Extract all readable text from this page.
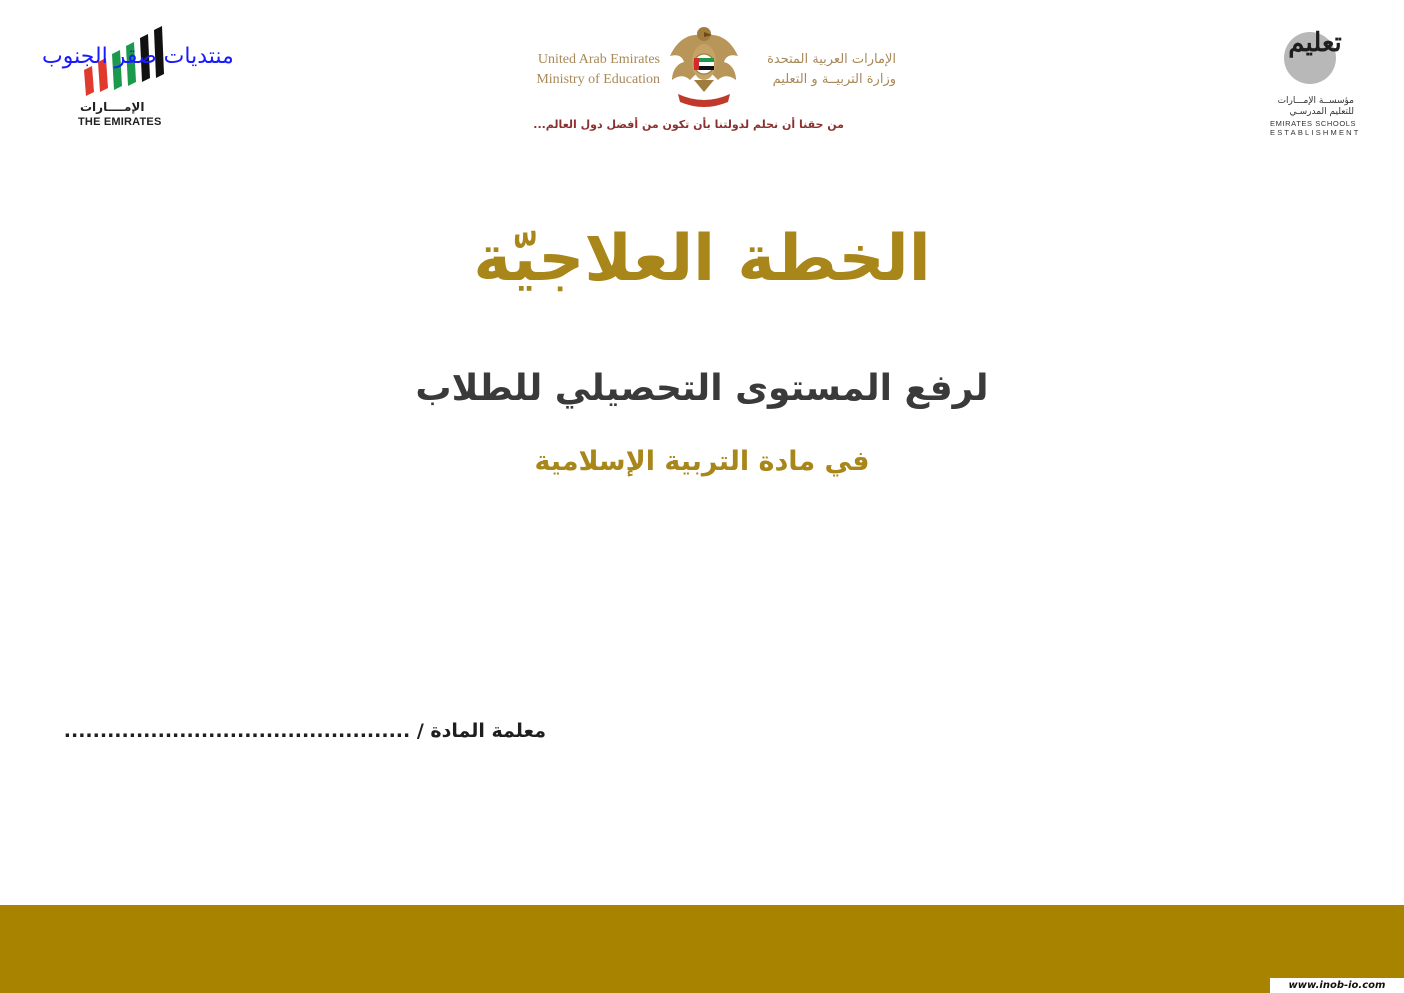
الإمــــارات
THE EMIRATES
منتديات صقر الجنوب	United Arab Emirates
Ministry of Education
الإمارات العربية المتحدة
وزارة التربيــة و التعليم
من حقنا أن نحلم لدولتنا بأن تكون من أفضل دول العالم...
تعليم
مؤسســة الإمـــارات
للتعليم المدرسـي
EMIRATES SCHOOLS
ESTABLISHMENT
الخطة العلاجيّة
لرفع المستوى التحصيلي للطلاب
في مادة التربية الإسلامية
معلمة المادة / ................................................
www.inob-io.com
